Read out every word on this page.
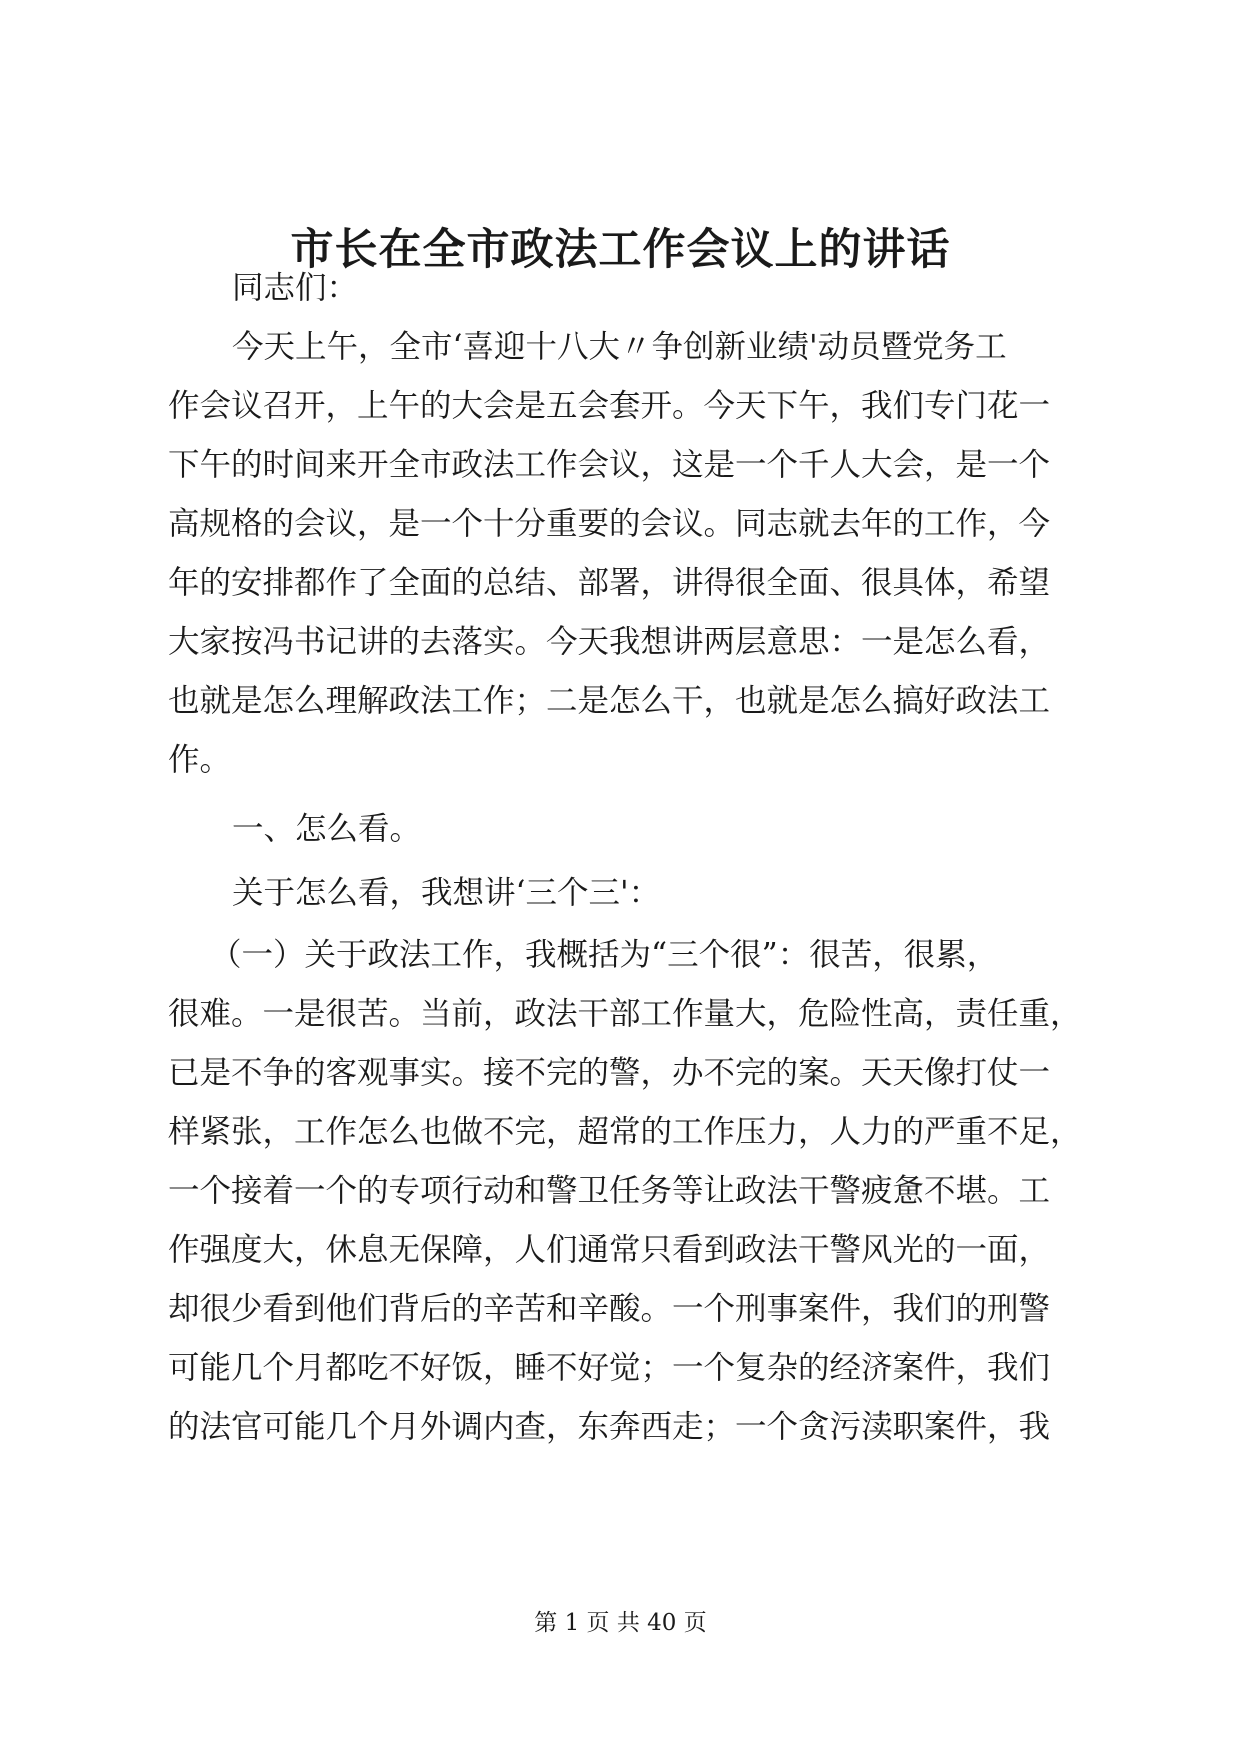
市长在全市政法工作会议上的讲话
同志们：
今天上午，全市‘喜迎十八大〃争创新业绩'动员暨党务工
作会议召开，上午的大会是五会套开。今天下午，我们专门花一
下午的时间来开全市政法工作会议，这是一个千人大会，是一个
高规格的会议，是一个十分重要的会议。同志就去年的工作，今
年的安排都作了全面的总结、部署，讲得很全面、很具体，希望
大家按冯书记讲的去落实。今天我想讲两层意思：一是怎么看，
也就是怎么理解政法工作；二是怎么干，也就是怎么搞好政法工
作。
一、怎么看。
关于怎么看，我想讲‘三个三'：
（一）关于政法工作，我概括为“三个很”：很苦，很累，
很难。一是很苦。当前，政法干部工作量大，危险性高，责任重，
已是不争的客观事实。接不完的警，办不完的案。天天像打仗一
样紧张，工作怎么也做不完，超常的工作压力，人力的严重不足，
一个接着一个的专项行动和警卫任务等让政法干警疲惫不堪。工
作强度大，休息无保障，人们通常只看到政法干警风光的一面，
却很少看到他们背后的辛苦和辛酸。一个刑事案件，我们的刑警
可能几个月都吃不好饭，睡不好觉；一个复杂的经济案件，我们
的法官可能几个月外调内查，东奔西走；一个贪污渎职案件，我
第 1 页 共 40 页
